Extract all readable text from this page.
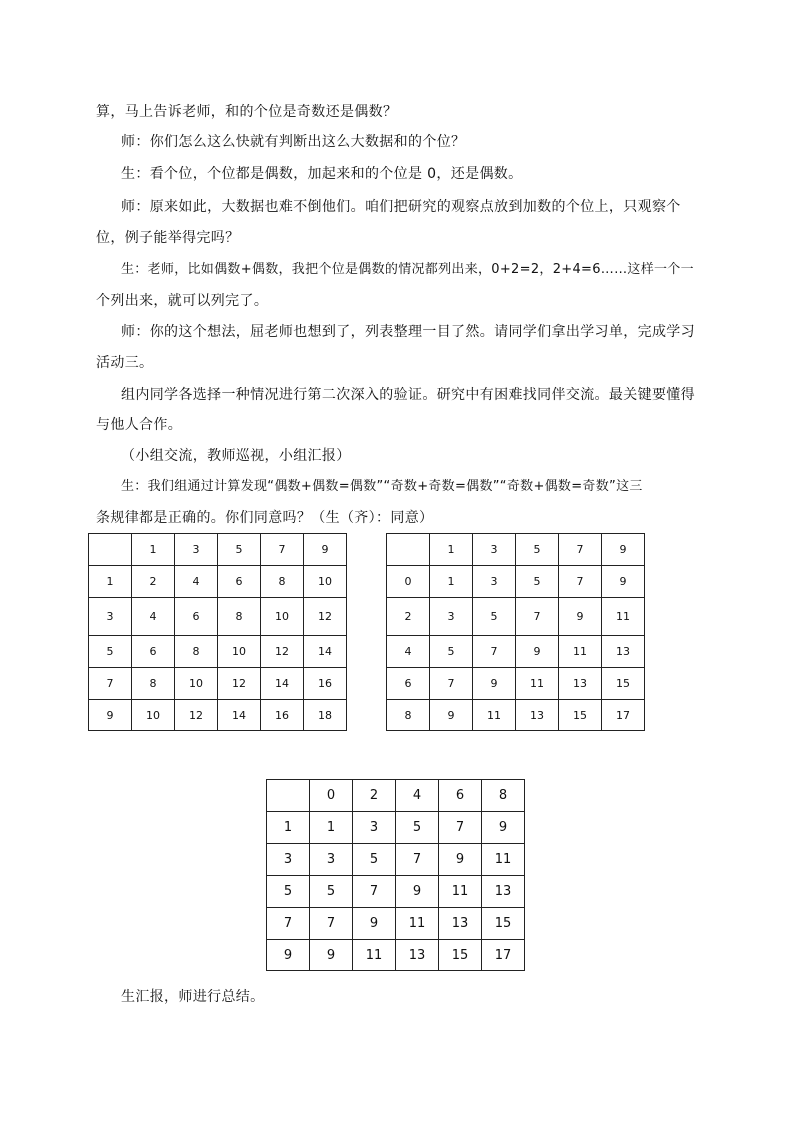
算，马上告诉老师，和的个位是奇数还是偶数？
师：你们怎么这么快就有判断出这么大数据和的个位？
生：看个位，个位都是偶数，加起来和的个位是 0，还是偶数。
师：原来如此，大数据也难不倒他们。咱们把研究的观察点放到加数的个位上，只观察个
位，例子能举得完吗？
生：老师，比如偶数+偶数，我把个位是偶数的情况都列出来，0+2=2，2+4=6……这样一个一
个列出来，就可以列完了。
师：你的这个想法，屈老师也想到了，列表整理一目了然。请同学们拿出学习单，完成学习
活动三。
组内同学各选择一种情况进行第二次深入的验证。研究中有困难找同伴交流。最关键要懂得
与他人合作。
（小组交流，教师巡视，小组汇报）
生：我们组通过计算发现“偶数+偶数=偶数”“奇数+奇数=偶数”“奇数+偶数=奇数”这三
条规律都是正确的。你们同意吗？（生（齐）：同意）
	1	3	5	7	9
1	2	4	6	8	10
3	4	6	8	10	12
5	6	8	10	12	14
7	8	10	12	14	16
9	10	12	14	16	18
	1	3	5	7	9
0	1	3	5	7	9
2	3	5	7	9	11
4	5	7	9	11	13
6	7	9	11	13	15
8	9	11	13	15	17
	0	2	4	6	8
1	1	3	5	7	9
3	3	5	7	9	11
5	5	7	9	11	13
7	7	9	11	13	15
9	9	11	13	15	17
生汇报，师进行总结。
